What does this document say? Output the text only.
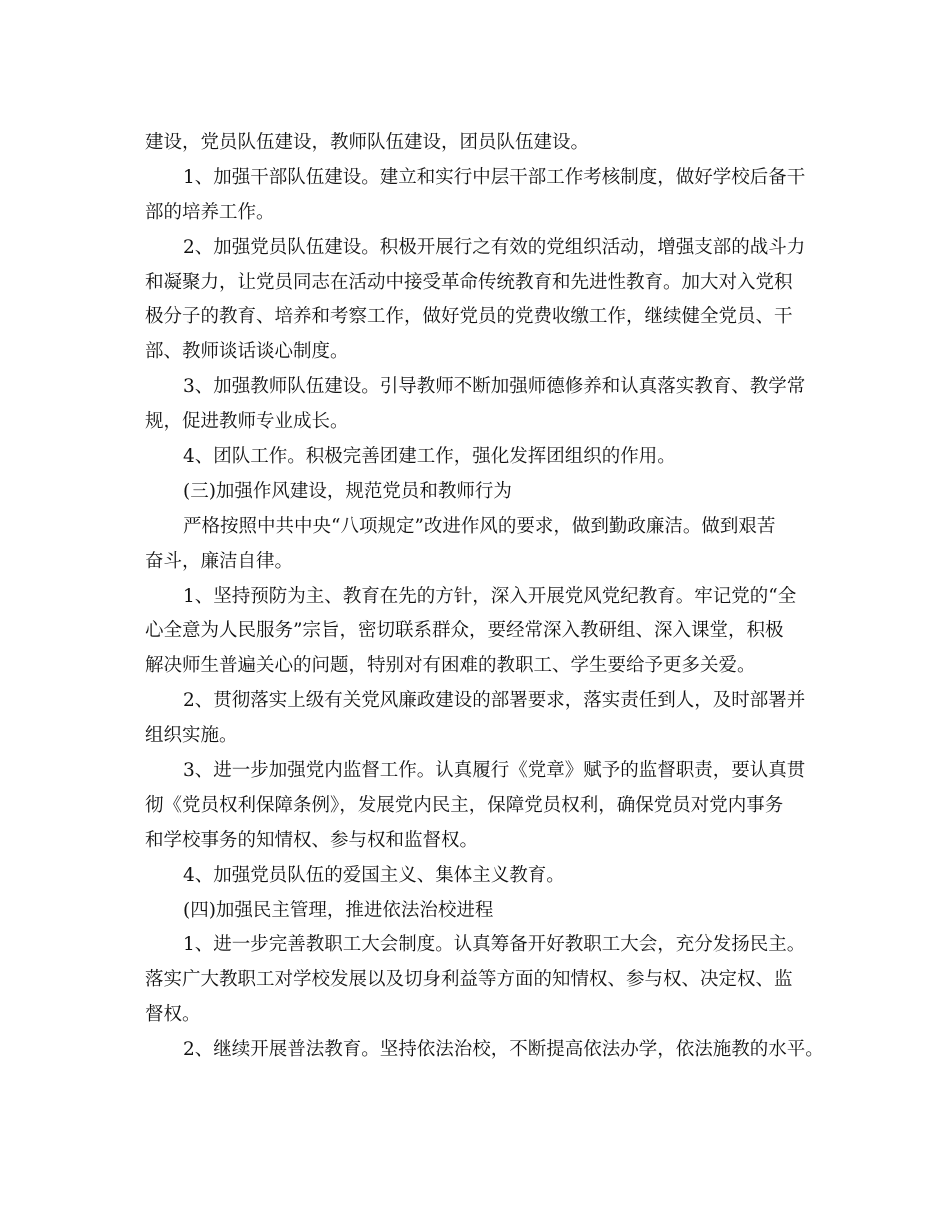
建设，党员队伍建设，教师队伍建设，团员队伍建设。
1、加强干部队伍建设。建立和实行中层干部工作考核制度，做好学校后备干
部的培养工作。
2、加强党员队伍建设。积极开展行之有效的党组织活动，增强支部的战斗力
和凝聚力，让党员同志在活动中接受革命传统教育和先进性教育。加大对入党积
极分子的教育、培养和考察工作，做好党员的党费收缴工作，继续健全党员、干
部、教师谈话谈心制度。
3、加强教师队伍建设。引导教师不断加强师德修养和认真落实教育、教学常
规，促进教师专业成长。
4、团队工作。积极完善团建工作，强化发挥团组织的作用。
(三)加强作风建设，规范党员和教师行为
严格按照中共中央“八项规定”改进作风的要求，做到勤政廉洁。做到艰苦
奋斗，廉洁自律。
1、坚持预防为主、教育在先的方针，深入开展党风党纪教育。牢记党的“全
心全意为人民服务”宗旨，密切联系群众，要经常深入教研组、深入课堂，积极
解决师生普遍关心的问题，特别对有困难的教职工、学生要给予更多关爱。
2、贯彻落实上级有关党风廉政建设的部署要求，落实责任到人，及时部署并
组织实施。
3、进一步加强党内监督工作。认真履行《党章》赋予的监督职责，要认真贯
彻《党员权利保障条例》，发展党内民主，保障党员权利，确保党员对党内事务
和学校事务的知情权、参与权和监督权。
4、加强党员队伍的爱国主义、集体主义教育。
(四)加强民主管理，推进依法治校进程
1、进一步完善教职工大会制度。认真筹备开好教职工大会，充分发扬民主。
落实广大教职工对学校发展以及切身利益等方面的知情权、参与权、决定权、监
督权。
2、继续开展普法教育。坚持依法治校，不断提高依法办学，依法施教的水平。
